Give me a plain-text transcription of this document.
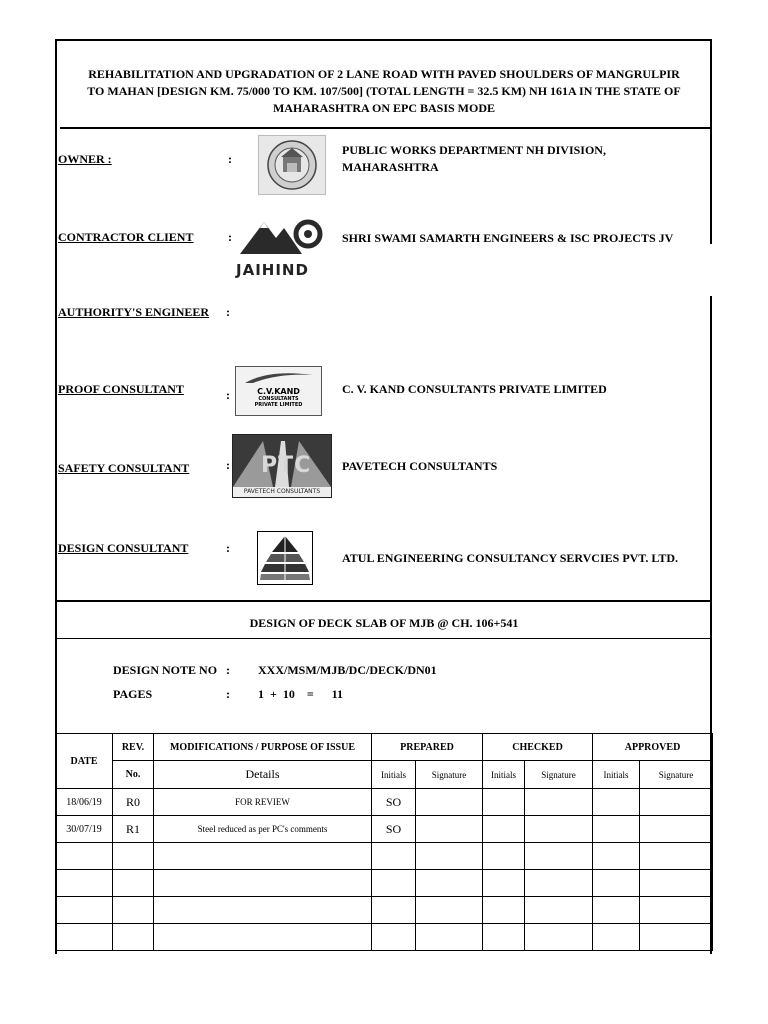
REHABILITATION AND UPGRADATION OF 2 LANE ROAD WITH PAVED SHOULDERS OF MANGRULPIR
TO MAHAN [DESIGN KM. 75/000 TO KM. 107/500] (TOTAL LENGTH = 32.5 KM) NH 161A IN THE STATE OF
MAHARASHTRA ON EPC BASIS MODE
OWNER :	:
PUBLIC WORKS DEPARTMENT NH DIVISION,
MAHARASHTRA
CONTRACTOR CLIENT	:
JAIHIND
SHRI SWAMI SAMARTH ENGINEERS & ISC PROJECTS JV
AUTHORITY'S ENGINEER :
PROOF CONSULTANT	:	C.V.KAND
CONSULTANTS
PRIVATE LIMITED
C. V. KAND CONSULTANTS PRIVATE LIMITED
SAFETY CONSULTANT	: PTC
PAVETECH CONSULTANTS
PAVETECH CONSULTANTS
DESIGN CONSULTANT	:
ATUL ENGINEERING CONSULTANCY SERVCIES PVT. LTD.
DESIGN OF DECK SLAB OF MJB @ CH. 106+541
DESIGN NOTE NO : XXX/MSM/MJB/DC/DECK/DN01
PAGES	: 1  +  10    =      11
DATE	REV.	MODIFICATIONS / PURPOSE OF ISSUE	PREPARED		CHECKED		APPROVED	
	No.	Details	Initials	Signature	Initials	Signature	Initials	Signature
18/06/19	R0	FOR REVIEW	SO					
30/07/19	R1	Steel reduced as per PC's comments	SO					
